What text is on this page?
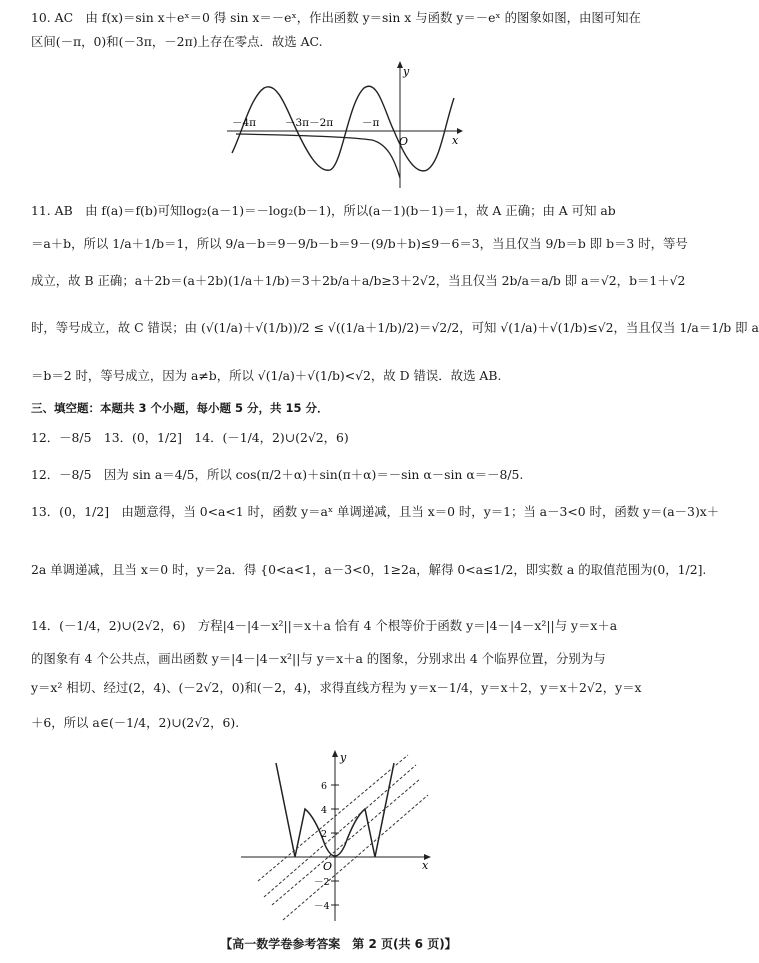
10. AC　由 f(x)＝sin x＋eˣ＝0 得 sin x＝－eˣ，作出函数 y＝sin x 与函数 y＝－eˣ 的图象如图，由图可知在
区间(－π，0)和(－3π，－2π)上存在零点．故选 AC.
y
x
O
－4π	－3π－2π	－π
11. AB　由 f(a)＝f(b)可知log₂(a－1)＝－log₂(b－1)，所以(a－1)(b－1)＝1，故 A 正确；由 A 可知 ab
＝a＋b，所以 1/a＋1/b＝1，所以 9/a－b＝9－9/b－b＝9－(9/b＋b)≤9－6＝3，当且仅当 9/b＝b 即 b＝3 时，等号
成立，故 B 正确；a＋2b＝(a＋2b)(1/a＋1/b)＝3＋2b/a＋a/b≥3＋2√2，当且仅当 2b/a＝a/b 即 a＝√2，b＝1＋√2
时，等号成立，故 C 错误；由 (√(1/a)＋√(1/b))/2 ≤ √((1/a＋1/b)/2)＝√2/2，可知 √(1/a)＋√(1/b)≤√2，当且仅当 1/a＝1/b 即 a
＝b＝2 时，等号成立，因为 a≠b，所以 √(1/a)＋√(1/b)<√2，故 D 错误．故选 AB.
三、填空题：本题共 3 个小题，每小题 5 分，共 15 分．
12．－8/5　13．(0，1/2]　14．(－1/4，2)∪(2√2，6)
12．－8/5　因为 sin a＝4/5，所以 cos(π/2＋α)＋sin(π＋α)＝－sin α－sin α＝－8/5.
13．(0，1/2]　由题意得，当 0<a<1 时，函数 y＝aˣ 单调递减，且当 x＝0 时，y＝1；当 a－3<0 时，函数 y＝(a－3)x＋
2a 单调递减，且当 x＝0 时，y＝2a．得 {0<a<1，a－3<0，1≥2a，解得 0<a≤1/2，即实数 a 的取值范围为(0，1/2].
14．(－1/4，2)∪(2√2，6)　方程|4－|4－x²||＝x＋a 恰有 4 个根等价于函数 y＝|4－|4－x²||与 y＝x＋a
的图象有 4 个公共点，画出函数 y＝|4－|4－x²||与 y＝x＋a 的图象，分别求出 4 个临界位置，分别为与
y＝x² 相切、经过(2，4)、(－2√2，0)和(－2，4)，求得直线方程为 y＝x－1/4，y＝x＋2，y＝x＋2√2，y＝x
＋6，所以 a∈(－1/4，2)∪(2√2，6).
y
x
O
6
4
2
－2
－4
【高一数学卷参考答案　第 2 页(共 6 页)】
